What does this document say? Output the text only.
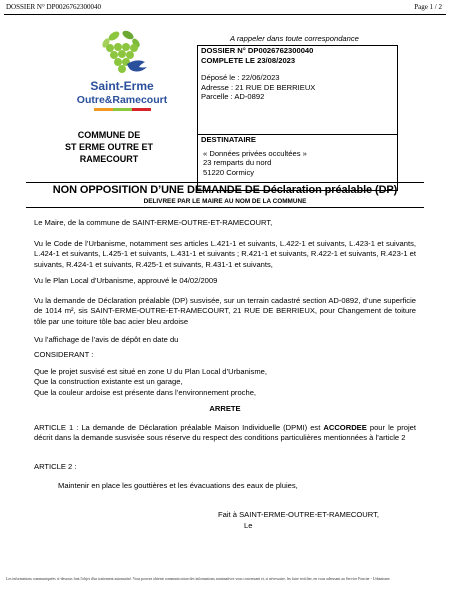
DOSSIER N° DP0026762300040	Page 1 / 2
A rappeler dans toute correspondance
Saint-Erme
Outre&Ramecourt
COMMUNE DE
ST ERME OUTRE ET
RAMECOURT
DOSSIER N° DP0026762300040
COMPLETE LE 23/08/2023
Déposé le : 22/06/2023
Adresse : 21 RUE DE BERRIEUX
Parcelle : AD-0892
DESTINATAIRE
« Données privées occultées »
23 remparts du nord
51220 Cormicy
NON OPPOSITION D’UNE DEMANDE DE Déclaration préalable (DP)
DELIVREE PAR LE MAIRE AU NOM DE LA COMMUNE

Le Maire, de la commune de SAINT-ERME-OUTRE-ET-RAMECOURT,

Vu le Code de l’Urbanisme, notamment ses articles L.421-1 et suivants, L.422-1 et suivants, L.423-1 et suivants, L.424-1 et suivants, L.425-1 et suivants, L.431-1 et suivants ; R.421-1 et suivants, R.422-1 et suivants, R.423-1 et suivants, R.424-1 et suivants, R.425-1 et suivants, R.431-1 et suivants,

Vu le Plan Local d’Urbanisme, approuvé le 04/02/2009

Vu la demande de Déclaration préalable (DP) susvisée, sur un terrain cadastré section AD-0892, d’une superficie de 1014 m², sis SAINT-ERME-OUTRE-ET-RAMECOURT, 21 RUE DE BERRIEUX, pour Changement de toiture tôle par une toiture tôle bac acier bleu ardoise

Vu l’affichage de l’avis de dépôt en date du

CONSIDERANT :

Que le projet susvisé est situé en zone U du Plan Local d’Urbanisme,
Que la construction existante est un garage,
Que la couleur ardoise est présente dans l’environnement proche,
ARRETE

ARTICLE 1 : La demande de Déclaration préalable Maison Individuelle (DPMI) est ACCORDEE pour le projet décrit dans la demande susvisée sous réserve du respect des conditions particulières mentionnées à l’article 2

ARTICLE 2 :
Maintenir en place les gouttières et les évacuations des eaux de pluies,
Fait à SAINT-ERME-OUTRE-ET-RAMECOURT,
Le
Les informations communiquées ci-dessous font l'objet d'un traitement automatisé. Vous pouvez obtenir communication des informations nominatives vous concernant et, si nécessaire, les faire rectifier, en vous adressant au Service Foncier - Urbanisme.
